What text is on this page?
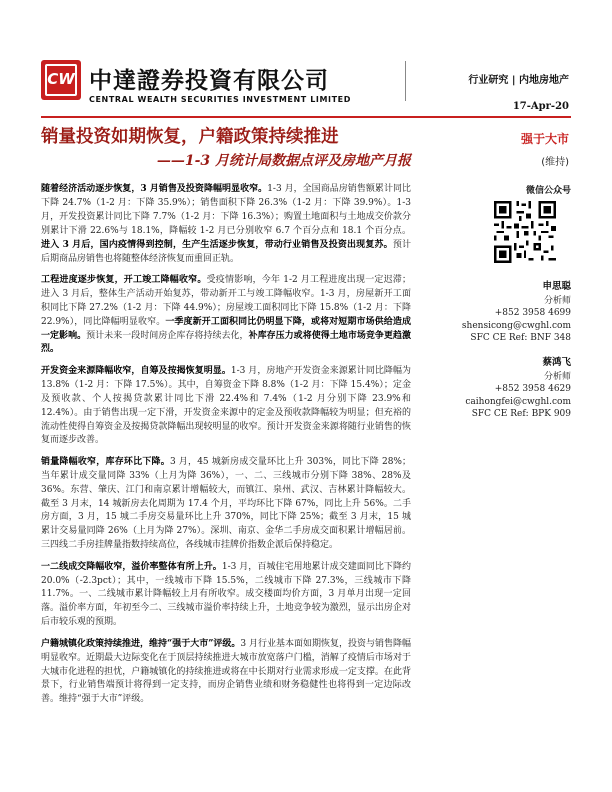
CW 中達證券投資有限公司
CENTRAL WEALTH SECURITIES INVESTMENT LIMITED
行业研究 | 内地房地产
17-Apr-20
销量投资如期恢复，户籍政策持续推进
——1-3 月统计局数据点评及房地产月报
强于大市
(维持)

随着经济活动逐步恢复，3 月销售及投资降幅明显收窄。1-3 月，全国商品房销售额累计同比下降 24.7%（1-2 月：下降 35.9%）；销售面积下降 26.3%（1-2 月：下降 39.9%）。1-3 月，开发投资累计同比下降 7.7%（1-2 月：下降 16.3%）；购置土地面积与土地成交价款分别累计下滑 22.6%与 18.1%，降幅较 1-2 月已分别收窄 6.7 个百分点和 18.1 个百分点。进入 3 月后，国内疫情得到控制，生产生活逐步恢复，带动行业销售及投资出现复苏。预计后期商品房销售也将随整体经济恢复而重回正轨。

工程进度逐步恢复，开工竣工降幅收窄。受疫情影响，今年 1-2 月工程进度出现一定迟滞；进入 3 月后，整体生产活动开始复苏，带动新开工与竣工降幅收窄。1-3 月，房屋新开工面积同比下降 27.2%（1-2 月：下降 44.9%）；房屋竣工面积同比下降 15.8%（1-2 月：下降 22.9%），同比降幅明显收窄。一季度新开工面积同比仍明显下降，或将对短期市场供给造成一定影响。预计未来一段时间房企库存将持续去化，补库存压力或将使得土地市场竞争更趋激烈。

开发资金来源降幅收窄，自筹及按揭恢复明显。1-3 月，房地产开发资金来源累计同比降幅为 13.8%（1-2 月：下降 17.5%）。其中，自筹资金下降 8.8%（1-2 月：下降 15.4%）；定金及预收款、个人按揭贷款累计同比下滑 22.4%和 7.4%（1-2 月分别下降 23.9%和 12.4%）。由于销售出现一定下滑，开发资金来源中的定金及预收款降幅较为明显；但充裕的流动性使得自筹资金及按揭贷款降幅出现较明显的收窄。预计开发资金来源将随行业销售的恢复而逐步改善。

销量降幅收窄，库存环比下降。3 月，45 城新房成交量环比上升 303%，同比下降 28%；当年累计成交量同降 33%（上月为降 36%），一、二、三线城市分别下降 38%、28%及 36%。东营、肇庆、江门和南京累计增幅较大，而镇江、泉州、武汉、吉林累计降幅较大。截至 3 月末，14 城新房去化周期为 17.4 个月，平均环比下降 67%，同比上升 56%。二手房方面，3 月，15 城二手房交易量环比上升 370%，同比下降 25%；截至 3 月末，15 城累计交易量同降 26%（上月为降 27%）。深圳、南京、金华二手房成交面积累计增幅居前。三四线二手房挂牌量指数持续高位，各线城市挂牌价指数企派后保持稳定。

一二线成交降幅收窄，溢价率整体有所上升。1-3 月，百城住宅用地累计成交建面同比下降约 20.0%（-2.3pct）；其中，一线城市下降 15.5%，二线城市下降 27.3%，三线城市下降 11.7%。一、二线城市累计降幅较上月有所收窄。成交楼面均价方面，3 月单月出现一定回落。溢价率方面，年初至今二、三线城市溢价率持续上升，土地竞争较为激烈，显示出房企对后市较乐观的预期。

户籍城镇化政策持续推进，维持“强于大市”评级。3 月行业基本面如期恢复，投资与销售降幅明显收窄。近期最大边际变化在于顶层持续推进大城市放宽落户门槛，消解了疫情后市场对于大城市化进程的担忧，户籍城镇化的持续推进或将在中长期对行业需求形成一定支撑。在此背景下，行业销售端预计将得到一定支持，而房企销售业绩和财务稳健性也将得到一定边际改善。维持“强于大市”评级。

微信公众号
申思聪
分析师
+852 3958 4699
shensicong@cwghl.com
SFC CE Ref: BNF 348
蔡鸿飞
分析师
+852 3958 4629
caihongfei@cwghl.com
SFC CE Ref: BPK 909
